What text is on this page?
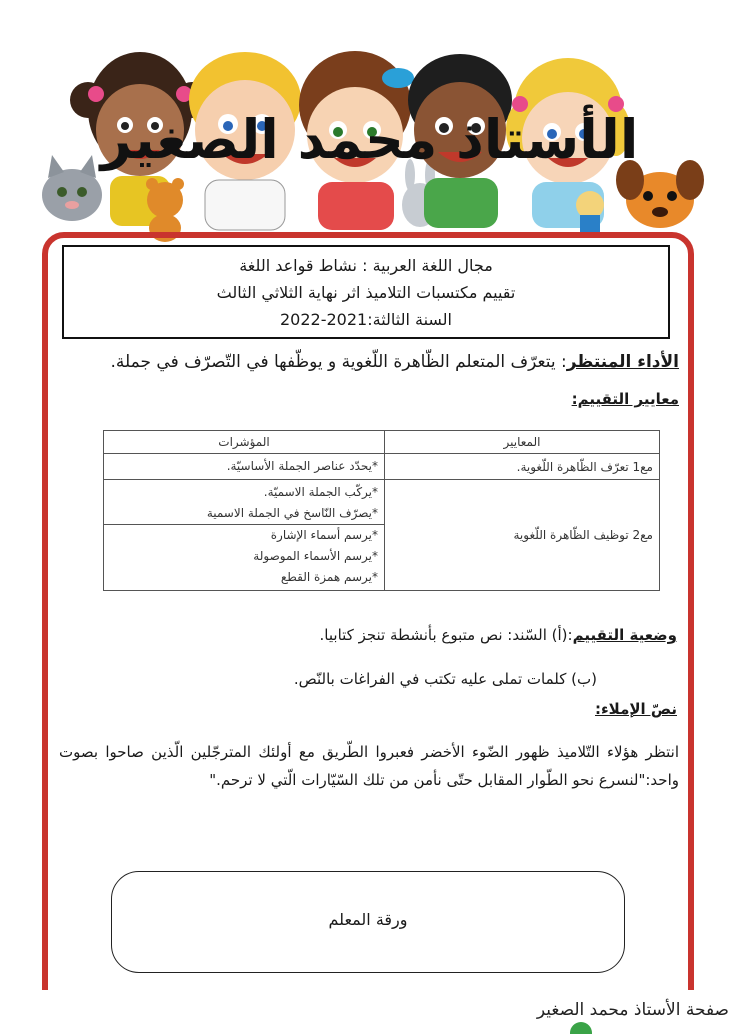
الأستاذ محمد الصغير
مجال اللغة العربية : نشاط قواعد اللغة
تقييم مكتسبات التلاميذ اثر نهاية الثلاثي الثالث
السنة الثالثة:2021-2022
الأداء المنتظر: يتعرّف المتعلم الظّاهرة اللّغوية و يوظّفها في التّصرّف في جملة.
معايير التقييم:
المعايير	المؤشرات
مع1 تعرّف الظّاهرة اللّغوية.	*يحدّد عناصر الجملة الأساسيّة.
مع2 توظيف الظّاهرة اللّغوية	*يركّب الجملة الاسميّة.
*يصرّف النّاسخ في الجملة الاسمية
*يرسم أسماء الإشارة
*يرسم الأسماء الموصولة
*يرسم همزة القطع
وضعية التقييم:(أ) السّند: نص متبوع بأنشطة تنجز كتابيا.
(ب) كلمات تملى عليه تكتب في الفراغات بالنّص.
نصّ الإملاء:
انتظر هؤلاء التّلاميذ ظهور الضّوء الأخضر فعبروا الطّريق مع أولئك المترجّلين الّذين صاحوا بصوت واحد:"لنسرع نحو الطّوار المقابل حتّى نأمن من تلك السّيّارات الّتي لا ترحم."
ورقة المعلم
صفحة الأستاذ محمد الصغير
